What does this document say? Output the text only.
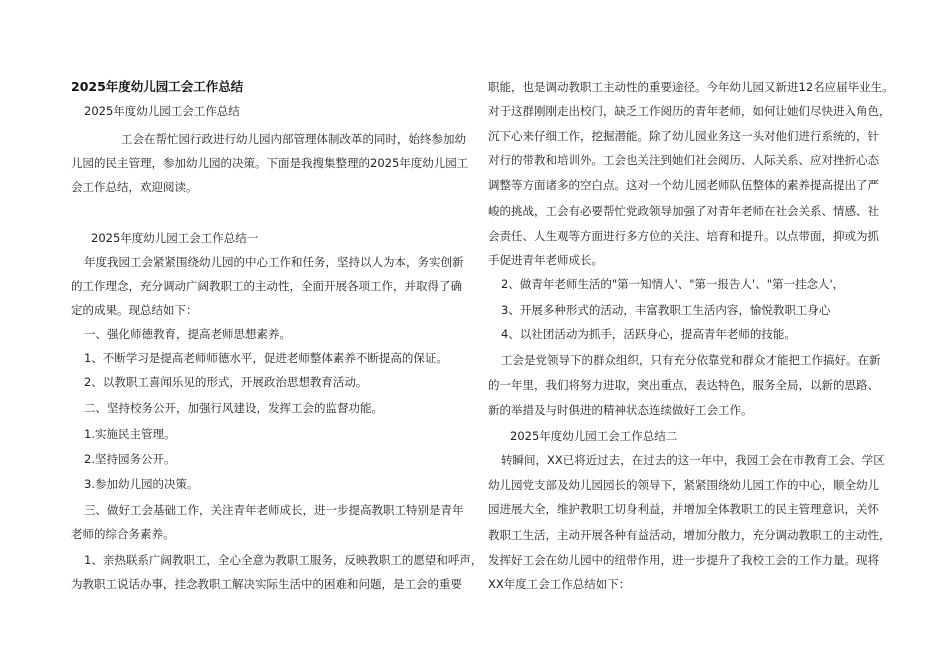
2025年度幼儿园工会工作总结
2025年度幼儿园工会工作总结
工会在帮忙园行政进行幼儿园内部管理体制改革的同时，始终参加幼
儿园的民主管理，参加幼儿园的决策。下面是我搜集整理的2025年度幼儿园工
会工作总结，欢迎阅读。
2025年度幼儿园工会工作总结一
年度我园工会紧紧围绕幼儿园的中心工作和任务，坚持以人为本，务实创新
的工作理念，充分调动广阔教职工的主动性，全面开展各项工作，并取得了确
定的成果。现总结如下：
一、强化师德教育，提高老师思想素养。
1、不断学习是提高老师师德水平，促进老师整体素养不断提高的保证。
2、以教职工喜闻乐见的形式，开展政治思想教育活动。
二、坚持校务公开，加强行风建设，发挥工会的监督功能。
1.实施民主管理。
2.坚持园务公开。
3.参加幼儿园的决策。
三、做好工会基础工作，关注青年老师成长，进一步提高教职工特别是青年
老师的综合务素养。
1、亲热联系广阔教职工，全心全意为教职工服务，反映教职工的愿望和呼声，
为教职工说话办事，挂念教职工解决实际生活中的困难和问题，是工会的重要
职能，也是调动教职工主动性的重要途径。今年幼儿园又新进12名应届毕业生。
对于这群刚刚走出校门，缺乏工作阅历的青年老师，如何让她们尽快进入角色，
沉下心来仔细工作，挖掘潜能。除了幼儿园业务这一头对他们进行系统的，针
对行的带教和培训外。工会也关注到她们社会阅历、人际关系、应对挫折心态
调整等方面诸多的空白点。这对一个幼儿园老师队伍整体的素养提高提出了严
峻的挑战，工会有必要帮忙党政领导加强了对青年老师在社会关系、情感、社
会责任、人生观等方面进行多方位的关注、培育和提升。以点带面，抑或为抓
手促进青年老师成长。
2、做青年老师生活的"第一知情人'、"第一报告人'、"第一挂念人'，
3、开展多种形式的活动，丰富教职工生活内容，愉悦教职工身心
4、以社团活动为抓手，活跃身心，提高青年老师的技能。
工会是党领导下的群众组织，只有充分依靠党和群众才能把工作搞好。在新
的一年里，我们将努力进取，突出重点，表达特色，服务全局，以新的思路、
新的举措及与时俱进的精神状态连续做好工会工作。
2025年度幼儿园工会工作总结二
转瞬间，XX已将近过去，在过去的这一年中，我园工会在市教育工会、学区
幼儿园党支部及幼儿园园长的领导下，紧紧围绕幼儿园工作的中心，顺全幼儿
园进展大全，维护教职工切身利益，并增加全体教职工的民主管理意识，关怀
教职工生活，主动开展各种有益活动，增加分散力，充分调动教职工的主动性，
发挥好工会在幼儿园中的纽带作用，进一步提升了我校工会的工作力量。现将
XX年度工会工作总结如下：
